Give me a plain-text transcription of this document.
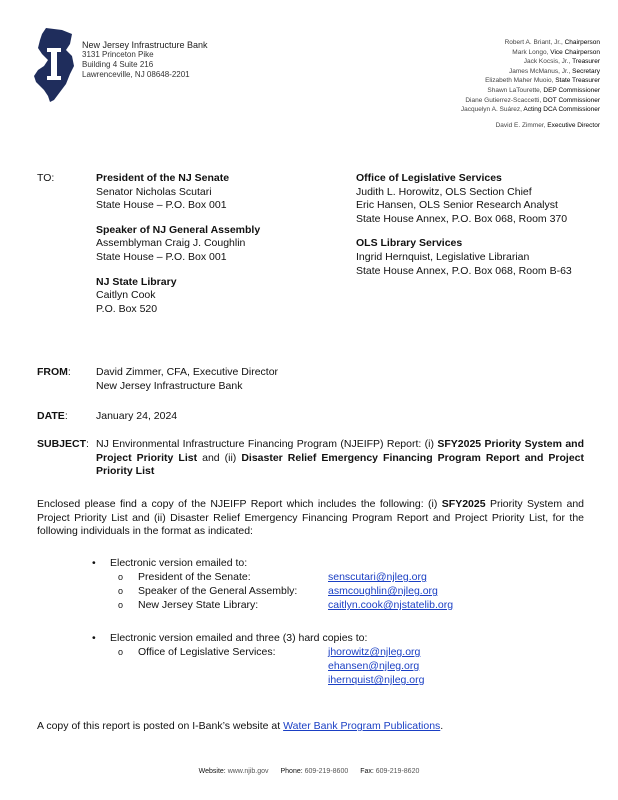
New Jersey Infrastructure Bank
3131 Princeton Pike
Building 4 Suite 216
Lawrenceville, NJ 08648-2201
Robert A. Briant, Jr., Chairperson
Mark Longo, Vice Chairperson
Jack Kocsis, Jr., Treasurer
James McManus, Jr., Secretary
Elizabeth Maher Muoio, State Treasurer
Shawn LaTourette, DEP Commissioner
Diane Gutierrez-Scaccetti, DOT Commissioner
Jacquelyn A. Suárez, Acting DCA Commissioner
David E. Zimmer, Executive Director
TO:	President of the NJ Senate
Senator Nicholas Scutari
State House – P.O. Box 001
Speaker of NJ General Assembly
Assemblyman Craig J. Coughlin
State House – P.O. Box 001
NJ State Library
Caitlyn Cook
P.O. Box 520
Office of Legislative Services
Judith L. Horowitz, OLS Section Chief
Eric Hansen, OLS Senior Research Analyst
State House Annex, P.O. Box 068, Room 370
OLS Library Services
Ingrid Hernquist, Legislative Librarian
State House Annex, P.O. Box 068, Room B-63
FROM: David Zimmer, CFA, Executive Director
New Jersey Infrastructure Bank
DATE:	January 24, 2024
SUBJECT: NJ Environmental Infrastructure Financing Program (NJEIFP) Report: (i) SFY2025 Priority System and Project Priority List and (ii) Disaster Relief Emergency Financing Program Report and Project Priority List
Enclosed please find a copy of the NJEIFP Report which includes the following: (i) SFY2025 Priority System and Project Priority List and (ii) Disaster Relief Emergency Financing Program Report and Project Priority List, for the following individuals in the format as indicated:
• Electronic version emailed to:
o President of the Senate:	senscutari@njleg.org
o Speaker of the General Assembly:	asmcoughlin@njleg.org
o New Jersey State Library:	caitlyn.cook@njstatelib.org
• Electronic version emailed and three (3) hard copies to:
o Office of Legislative Services:	jhorowitz@njleg.org
ehansen@njleg.org
ihernquist@njleg.org
A copy of this report is posted on I-Bank’s website at Water Bank Program Publications.
Website: www.njib.gov Phone: 609-219-8600 Fax: 609-219-8620
